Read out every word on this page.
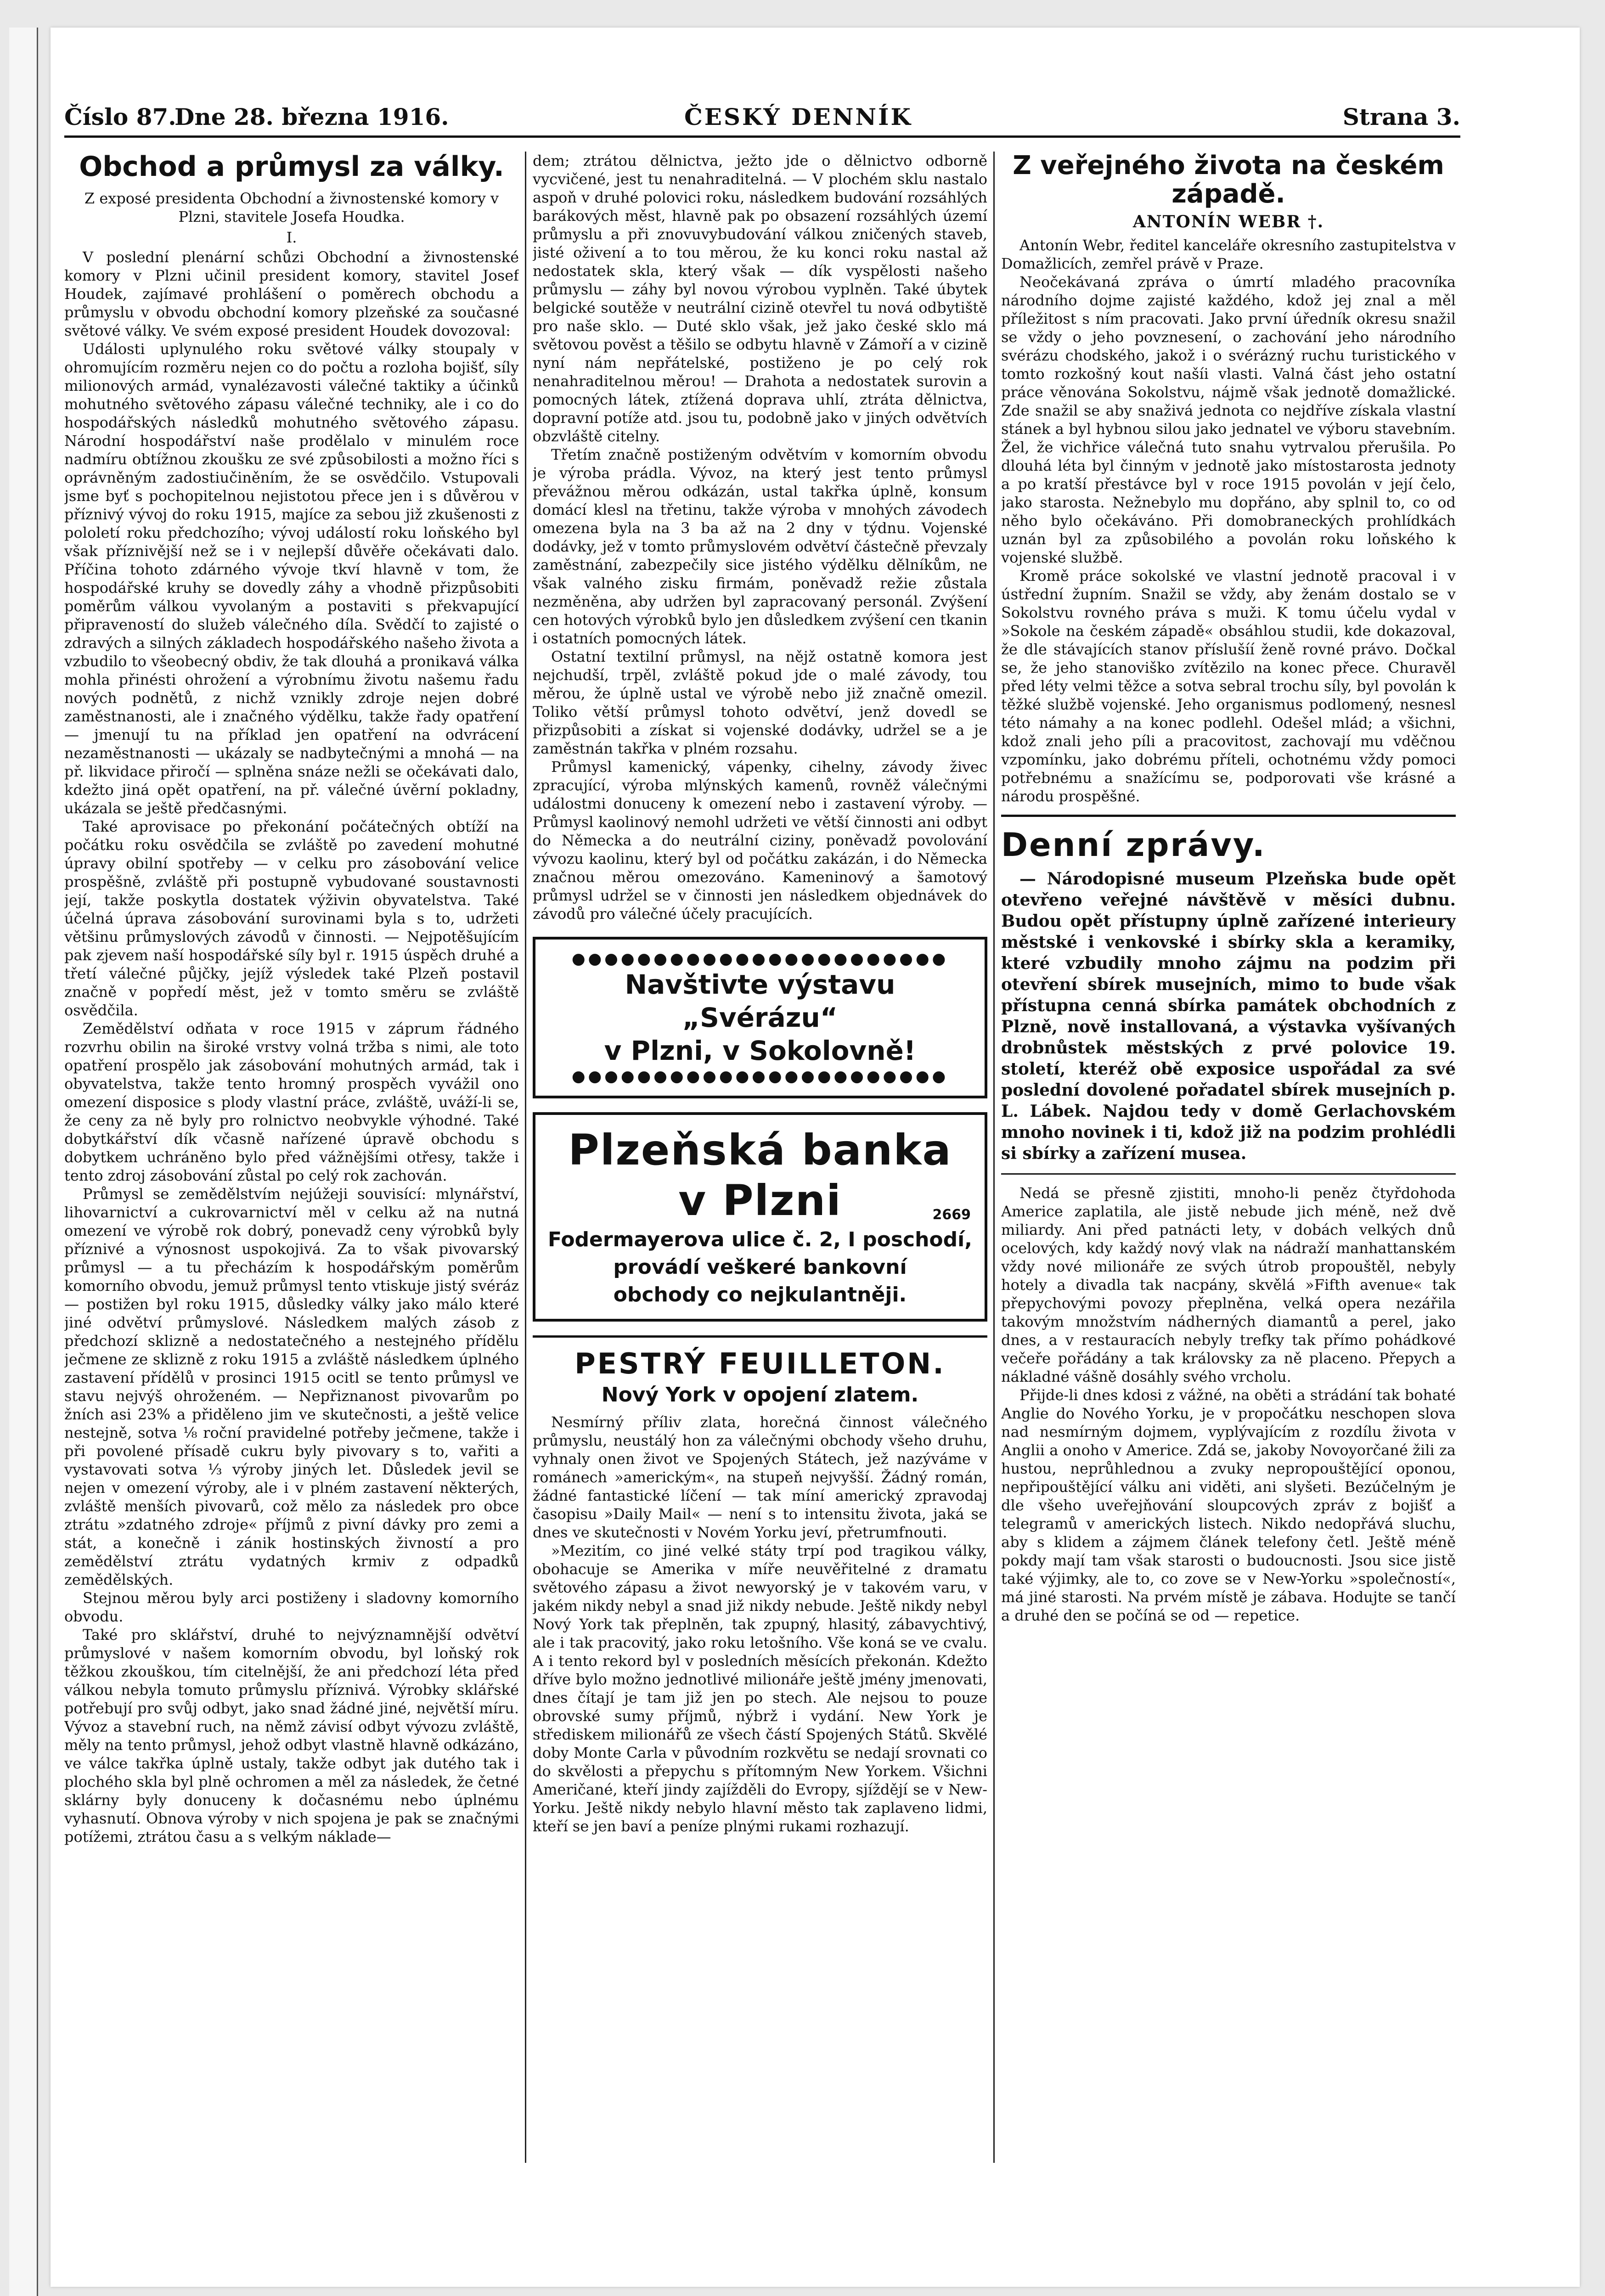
Číslo 87.
Dne 28. března 1916.	ČESKÝ DENNÍK	Strana 3.
Obchod a průmysl za války.

Z exposé presidenta Obchodní a živnostenské komory v Plzni, stavitele Josefa Houdka.

I.

V poslední plenární schůzi Obchodní a živnostenské komory v Plzni učinil president komory, stavitel Josef Houdek, zajímavé prohlášení o poměrech obchodu a průmyslu v obvodu obchodní komory plzeňské za současné světové války. Ve svém exposé president Houdek dovozoval:

Události uplynulého roku světové války stoupaly v ohromujícím rozměru nejen co do počtu a rozloha bojišť, síly milionových armád, vynalézavosti válečné taktiky a účinků mohutného světového zápasu válečné techniky, ale i co do hospodářských následků mohutného světového zápasu. Národní hospodářství naše prodělalo v minulém roce nadmíru obtížnou zkoušku ze své způsobilosti a možno říci s oprávněným zadostiučiněním, že se osvědčilo. Vstupovali jsme byť s pochopitelnou nejistotou přece jen i s důvěrou v příznivý vývoj do roku 1915, majíce za sebou již zkušenosti z pololetí roku předchozího; vývoj událostí roku loňského byl však příznivější než se i v nejlepší důvěře očekávati dalo. Příčina tohoto zdárného vývoje tkví hlavně v tom, že hospodářské kruhy se dovedly záhy a vhodně přizpůsobiti poměrům válkou vyvolaným a postaviti s překvapující připraveností do služeb válečného díla. Svědčí to zajisté o zdravých a silných základech hospodářského našeho života a vzbudilo to všeobecný obdiv, že tak dlouhá a pronikavá válka mohla přinésti ohrožení a výrobnímu životu našemu řadu nových podnětů, z nichž vznikly zdroje nejen dobré zaměstnanosti, ale i značného výdělku, takže řady opatření — jmenují tu na příklad jen opatření na odvrácení nezaměstnanosti — ukázaly se nadbytečnými a mnohá — na př. likvidace přiročí — splněna snáze nežli se očekávati dalo, kdežto jiná opět opatření, na př. válečné úvěrní pokladny, ukázala se ještě předčasnými.

Také aprovisace po překonání počátečných obtíží na počátku roku osvědčila se zvláště po zavedení mohutné úpravy obilní spotřeby — v celku pro zásobování velice prospěšně, zvláště při postupně vybudované soustavnosti její, takže poskytla dostatek výživin obyvatelstva. Také účelná úprava zásobování surovinami byla s to, udržeti většinu průmyslových závodů v činnosti. — Nejpotěšujícím pak zjevem naší hospodářské síly byl r. 1915 úspěch druhé a třetí válečné půjčky, jejíž výsledek také Plzeň postavil značně v popředí měst, jež v tomto směru se zvláště osvědčila.

Zemědělství odňata v roce 1915 v záprum řádného rozvrhu obilin na široké vrstvy volná tržba s nimi, ale toto opatření prospělo jak zásobování mohutných armád, tak i obyvatelstva, takže tento hromný prospěch vyvážil ono omezení disposice s plody vlastní práce, zvláště, uváží-li se, že ceny za ně byly pro rolnictvo neobvykle výhodné. Také dobytkářství dík včasně nařízené úpravě obchodu s dobytkem uchráněno bylo před vážnějšími otřesy, takže i tento zdroj zásobování zůstal po celý rok zachován.

Průmysl se zemědělstvím nejúžeji souvisící: mlynářství, lihovarnictví a cukrovarnictví měl v celku až na nutná omezení ve výrobě rok dobrý, ponevadž ceny výrobků byly příznivé a výnosnost uspokojivá. Za to však pivovarský průmysl — a tu přecházím k hospodářským poměrům komorního obvodu, jemuž průmysl tento vtiskuje jistý svéráz — postižen byl roku 1915, důsledky války jako málo které jiné odvětví průmyslové. Následkem malých zásob z předchozí sklizně a nedostatečného a nestejného přídělu ječmene ze sklizně z roku 1915 a zvláště následkem úplného zastavení přídělů v prosinci 1915 ocitl se tento průmysl ve stavu nejvýš ohroženém. — Nepřiznanost pivovarům po žních asi 23% a přiděleno jim ve skutečnosti, a ještě velice nestejně, sotva ⅛ roční pravidelné potřeby ječmene, takže i při povolené přísadě cukru byly pivovary s to, vařiti a vystavovati sotva ⅓ výroby jiných let. Důsledek jevil se nejen v omezení výroby, ale i v plném zastavení některých, zvláště menších pivovarů, což mělo za následek pro obce ztrátu »zdatného zdroje« příjmů z pivní dávky pro zemi a stát, a konečně i zánik hostinských živností a pro zemědělství ztrátu vydatných krmiv z odpadků zemědělských.

Stejnou měrou byly arci postiženy i sladovny komorního obvodu.

Také pro sklářství, druhé to nejvýznamnější odvětví průmyslové v našem komorním obvodu, byl loňský rok těžkou zkouškou, tím citelnější, že ani předchozí léta před válkou nebyla tomuto průmyslu příznivá. Výrobky sklářské potřebují pro svůj odbyt, jako snad žádné jiné, největší míru. Vývoz a stavební ruch, na němž závisí odbyt vývozu zvláště, měly na tento průmysl, jehož odbyt vlastně hlavně odkázáno, ve válce takřka úplně ustaly, takže odbyt jak dutého tak i plochého skla byl plně ochromen a měl za následek, že četné sklárny byly donuceny k dočasnému nebo úplnému vyhasnutí. Obnova výroby v nich spojena je pak se značnými potížemi, ztrátou času a s velkým náklade—

dem; ztrátou dělnictva, ježto jde o dělnictvo odborně vycvičené, jest tu nenahraditelná. — V plochém sklu nastalo aspoň v druhé polovici roku, následkem budování rozsáhlých barákových měst, hlavně pak po obsazení rozsáhlých území průmyslu a při znovuvybudování válkou zničených staveb, jisté oživení a to tou měrou, že ku konci roku nastal až nedostatek skla, který však — dík vyspělosti našeho průmyslu — záhy byl novou výrobou vyplněn. Také úbytek belgické soutěže v neutrální cizině otevřel tu nová odbytiště pro naše sklo. — Duté sklo však, jež jako české sklo má světovou pověst a těšilo se odbytu hlavně v Zámoří a v cizině nyní nám nepřátelské, postiženo je po celý rok nenahraditelnou měrou! — Drahota a nedostatek surovin a pomocných látek, ztížená doprava uhlí, ztráta dělnictva, dopravní potíže atd. jsou tu, podobně jako v jiných odvětvích obzvláště citelny.

Třetím značně postiženým odvětvím v komorním obvodu je výroba prádla. Vývoz, na který jest tento průmysl převážnou měrou odkázán, ustal takřka úplně, konsum domácí klesl na třetinu, takže výroba v mnohých závodech omezena byla na 3 ba až na 2 dny v týdnu. Vojenské dodávky, jež v tomto průmyslovém odvětví částečně převzaly zaměstnání, zabezpečily sice jistého výdělku dělníkům, ne však valného zisku firmám, poněvadž režie zůstala nezměněna, aby udržen byl zapracovaný personál. Zvýšení cen hotových výrobků bylo jen důsledkem zvýšení cen tkanin i ostatních pomocných látek.

Ostatní textilní průmysl, na nějž ostatně komora jest nejchudší, trpěl, zvláště pokud jde o malé závody, tou měrou, že úplně ustal ve výrobě nebo již značně omezil. Toliko větší průmysl tohoto odvětví, jenž dovedl se přizpůsobiti a získat si vojenské dodávky, udržel se a je zaměstnán takřka v plném rozsahu.

Průmysl kamenický, vápenky, cihelny, závody živec zpracující, výroba mlýnských kamenů, rovněž válečnými událostmi donuceny k omezení nebo i zastavení výroby. — Průmysl kaolinový nemohl udržeti ve větší činnosti ani odbyt do Německa a do neutrální ciziny, poněvadž povolování vývozu kaolinu, který byl od počátku zakázán, i do Německa značnou měrou omezováno. Kameninový a šamotový průmysl udržel se v činnosti jen následkem objednávek do závodů pro válečné účely pracujících.

●●●●●●●●●●●●●●●●●●●●●●●
Navštivte výstavu „Svérázu“
v Plzni, v Sokolovně!
●●●●●●●●●●●●●●●●●●●●●●●
Plzeňská banka
v Plzni	2669
Fodermayerova ulice č. 2, I poschodí,
provádí veškeré bankovní
obchody co nejkulantněji.
PESTRÝ FEUILLETON.
Nový York v opojení zlatem.

Nesmírný příliv zlata, horečná činnost válečného průmyslu, neustálý hon za válečnými obchody všeho druhu, vyhnaly onen život ve Spojených Státech, jež nazýváme v románech »americkým«, na stupeň nejvyšší. Žádný román, žádné fantastické líčení — tak míní americký zpravodaj časopisu »Daily Mail« — není s to intensitu života, jaká se dnes ve skutečnosti v Novém Yorku jeví, přetrumfnouti.

»Mezitím, co jiné velké státy trpí pod tragikou války, obohacuje se Amerika v míře neuvěřitelné z dramatu světového zápasu a život newyorský je v takovém varu, v jakém nikdy nebyl a snad již nikdy nebude. Ještě nikdy nebyl Nový York tak přeplněn, tak zpupný, hlasitý, zábavychtivý, ale i tak pracovitý, jako roku letošního. Vše koná se ve cvalu. A i tento rekord byl v posledních měsících překonán. Kdežto dříve bylo možno jednotlivé milionáře ještě jmény jmenovati, dnes čítají je tam již jen po stech. Ale nejsou to pouze obrovské sumy příjmů, nýbrž i vydání. New York je střediskem milionářů ze všech částí Spojených Států. Skvělé doby Monte Carla v původním rozkvětu se nedají srovnati co do skvělosti a přepychu s přítomným New Yorkem. Všichni Američané, kteří jindy zajížděli do Evropy, sjíždějí se v New-Yorku. Ještě nikdy nebylo hlavní město tak zaplaveno lidmi, kteří se jen baví a peníze plnými rukami rozhazují.

Z veřejného života na českém západě.

ANTONÍN WEBR †.

Antonín Webr, ředitel kanceláře okresního zastupitelstva v Domažlicích, zemřel právě v Praze.

Neočekávaná zpráva o úmrtí mladého pracovníka národního dojme zajisté každého, kdož jej znal a měl příležitost s ním pracovati. Jako první úředník okresu snažil se vždy o jeho povznesení, o zachování jeho národního svérázu chodského, jakož i o svérázný ruchu turistického v tomto rozkošný kout našíi vlasti. Valná část jeho ostatní práce věnována Sokolstvu, nájmě však jednotě domažlické. Zde snažil se aby snaživá jednota co nejdříve získala vlastní stánek a byl hybnou silou jako jednatel ve výboru stavebním. Žel, že vichřice válečná tuto snahu vytrvalou přerušila. Po dlouhá léta byl činným v jednotě jako místostarosta jednoty a po kratší přestávce byl v roce 1915 povolán v její čelo, jako starosta. Nežnebylo mu dopřáno, aby splnil to, co od něho bylo očekáváno. Při domobraneckých prohlídkách uznán byl za způsobilého a povolán roku loňského k vojenské službě.

Kromě práce sokolské ve vlastní jednotě pracoval i v ústřední župním. Snažil se vždy, aby ženám dostalo se v Sokolstvu rovného práva s muži. K tomu účelu vydal v »Sokole na českém západě« obsáhlou studii, kde dokazoval, že dle stávajících stanov příslušíí ženě rovné právo. Dočkal se, že jeho stanoviško zvítězilo na konec přece. Churavěl před léty velmi těžce a sotva sebral trochu síly, byl povolán k těžké službě vojenské. Jeho organismus podlomený, nesnesl této námahy a na konec podlehl. Odešel mlád; a všichni, kdož znali jeho píli a pracovitost, zachovají mu vděčnou vzpomínku, jako dobrému příteli, ochotnému vždy pomoci potřebnému a snažícímu se, podporovati vše krásné a národu prospěšné.

Denní zprávy.

— Národopisné museum Plzeňska bude opět otevřeno veřejné návštěvě v měsíci dubnu. Budou opět přístupny úplně zařízené interieury městské i venkovské i sbírky skla a keramiky, které vzbudily mnoho zájmu na podzim při otevření sbírek musejních, mimo to bude však přístupna cenná sbírka památek obchodních z Plzně, nově installovaná, a výstavka vyšívaných drobnůstek městských z prvé polovice 19. století, kteréž obě exposice uspořádal za své poslední dovolené pořadatel sbírek musejních p. L. Lábek. Najdou tedy v domě Gerlachovském mnoho novinek i ti, kdož již na podzim prohlédli si sbírky a zařízení musea.

Nedá se přesně zjistiti, mnoho-li peněz čtyřdohoda Americe zaplatila, ale jistě nebude jich méně, než dvě miliardy. Ani před patnácti lety, v dobách velkých dnů ocelových, kdy každý nový vlak na nádraží manhattanském vždy nové milionáře ze svých útrob propouštěl, nebyly hotely a divadla tak nacpány, skvělá »Fifth avenue« tak přepychovými povozy přeplněna, velká opera nezářila takovým množstvím nádherných diamantů a perel, jako dnes, a v restauracích nebyly trefky tak přímo pohádkové večeře pořádány a tak královsky za ně placeno. Přepych a nákladné vášně dosáhly svého vrcholu.

Přijde-li dnes kdosi z vážné, na oběti a strádání tak bohaté Anglie do Nového Yorku, je v propočátku neschopen slova nad nesmírným dojmem, vyplývajícím z rozdílu života v Anglii a onoho v Americe. Zdá se, jakoby Novoyorčané žili za hustou, neprůhlednou a zvuky nepropouštějící oponou, nepřipouštějící válku ani viděti, ani slyšeti. Bezúčelným je dle všeho uveřejňování sloupcových zpráv z bojišť a telegramů v amerických listech. Nikdo nedopřává sluchu, aby s klidem a zájmem článek telefony četl. Ještě méně pokdy mají tam však starosti o budoucnosti. Jsou sice jistě také výjimky, ale to, co zove se v New-Yorku »společností«, má jiné starosti. Na prvém místě je zábava. Hodujte se tančí a druhé den se počíná se od — repetice.
